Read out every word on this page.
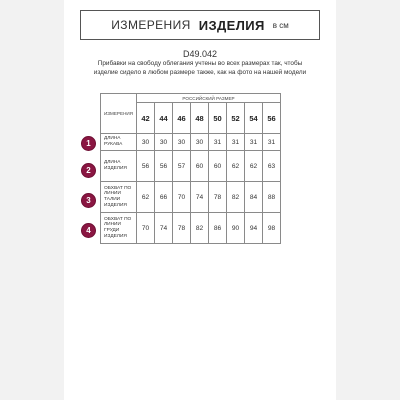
ИЗМЕРЕНИЯ ИЗДЕЛИЯ в см
D49.042
Прибавки на свободу облегания учтены во всех размерах так, чтобы изделие сидело в любом размере также, как на фото на нашей модели
ИЗМЕРЕНИЯ	РОССИЙСКИЙ РАЗМЕР							
	42	44	46	48	50	52	54	56
ДЛИНА РУКАВА	30	30	30	30	31	31	31	31
ДЛИНА ИЗДЕЛИЯ	56	56	57	60	60	62	62	63
ОБХВАТ ПО ЛИНИИ ТАЛИИ ИЗДЕЛИЯ	62	66	70	74	78	82	84	88
ОБХВАТ ПО ЛИНИИ ГРУДИ ИЗДЕЛИЯ	70	74	78	82	86	90	94	98
1
2
3
4
